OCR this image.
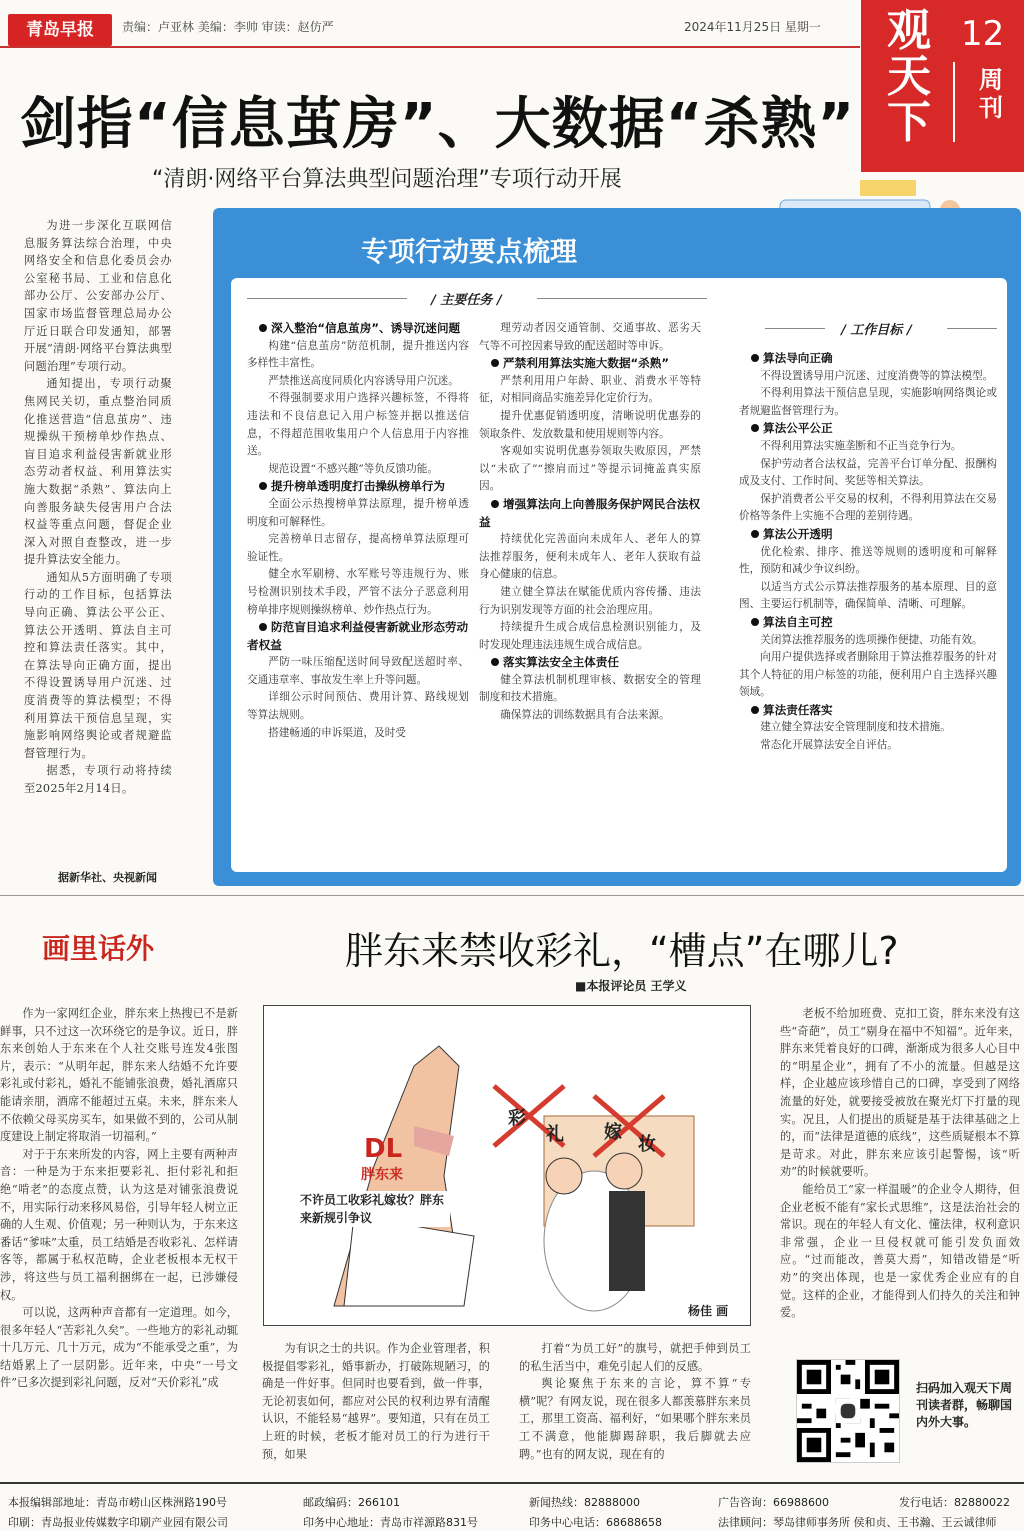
青岛早报	责编：卢亚林 美编：李帅 审读：赵仿严	2024年11月25日 星期一 观天下
12
周刊
剑指“信息茧房”、大数据“杀熟”
“清朗·网络平台算法典型问题治理”专项行动开展

为进一步深化互联网信息服务算法综合治理，中央网络安全和信息化委员会办公室秘书局、工业和信息化部办公厅、公安部办公厅、国家市场监督管理总局办公厅近日联合印发通知，部署开展“清朗·网络平台算法典型问题治理”专项行动。

通知提出，专项行动聚焦网民关切，重点整治同质化推送营造“信息茧房”、违规操纵干预榜单炒作热点、盲目追求利益侵害新就业形态劳动者权益、利用算法实施大数据“杀熟”、算法向上向善服务缺失侵害用户合法权益等重点问题，督促企业深入对照自查整改，进一步提升算法安全能力。

通知从5方面明确了专项行动的工作目标，包括算法导向正确、算法公平公正、算法公开透明、算法自主可控和算法责任落实。其中，在算法导向正确方面，提出不得设置诱导用户沉迷、过度消费等的算法模型；不得利用算法干预信息呈现，实施影响网络舆论或者规避监督管理行为。

据悉，专项行动将持续至2025年2月14日。

据新华社、央视新闻
专项行动要点梳理
/ 主要任务 /
/ 工作目标 /
深入整治“信息茧房”、诱导沉迷问题

构建“信息茧房”防范机制，提升推送内容多样性丰富性。

严禁推送高度同质化内容诱导用户沉迷。

不得强制要求用户选择兴趣标签，不得将违法和不良信息记入用户标签并据以推送信息，不得超范围收集用户个人信息用于内容推送。

规范设置“不感兴趣”等负反馈功能。

提升榜单透明度打击操纵榜单行为

全面公示热搜榜单算法原理，提升榜单透明度和可解释性。

完善榜单日志留存，提高榜单算法原理可验证性。

健全水军刷榜、水军账号等违规行为、账号检测识别技术手段，严管不法分子恶意利用榜单排序规则操纵榜单、炒作热点行为。

防范盲目追求利益侵害新就业形态劳动者权益

严防一味压缩配送时间导致配送超时率、交通违章率、事故发生率上升等问题。

详细公示时间预估、费用计算、路线规划等算法规则。

搭建畅通的申诉渠道，及时受

理劳动者因交通管制、交通事故、恶劣天气等不可控因素导致的配送超时等申诉。

严禁利用算法实施大数据“杀熟”

严禁利用用户年龄、职业、消费水平等特征，对相同商品实施差异化定价行为。

提升优惠促销透明度，清晰说明优惠券的领取条件、发放数量和使用规则等内容。

客观如实说明优惠券领取失败原因，严禁以“未砍了”“擦肩而过”等提示词掩盖真实原因。

增强算法向上向善服务保护网民合法权益

持续优化完善面向未成年人、老年人的算法推荐服务，便利未成年人、老年人获取有益身心健康的信息。

建立健全算法在赋能优质内容传播、违法行为识别发现等方面的社会治理应用。

持续提升生成合成信息检测识别能力，及时发现处理违法违规生成合成信息。

落实算法安全主体责任

健全算法机制机理审核、数据安全的管理制度和技术措施。

确保算法的训练数据具有合法来源。

算法导向正确

不得设置诱导用户沉迷、过度消费等的算法模型。

不得利用算法干预信息呈现，实施影响网络舆论或者规避监督管理行为。

算法公平公正

不得利用算法实施垄断和不正当竞争行为。

保护劳动者合法权益，完善平台订单分配、报酬构成及支付、工作时间、奖惩等相关算法。

保护消费者公平交易的权利，不得利用算法在交易价格等条件上实施不合理的差别待遇。

算法公开透明

优化检索、排序、推送等规则的透明度和可解释性，预防和减少争议纠纷。

以适当方式公示算法推荐服务的基本原理、目的意图、主要运行机制等，确保简单、清晰、可理解。

算法自主可控

关闭算法推荐服务的选项操作便捷、功能有效。

向用户提供选择或者删除用于算法推荐服务的针对其个人特征的用户标签的功能，便利用户自主选择兴趣领域。

算法责任落实

建立健全算法安全管理制度和技术措施。

常态化开展算法安全自评估。

画里话外	胖东来禁收彩礼，“槽点”在哪儿?
■本报评论员 王学义
DL
胖东来
不许员工收彩礼嫁妆？胖东来新规引争议
彩
礼 嫁
妆
杨佳 画

作为一家网红企业，胖东来上热搜已不是新鲜事，只不过这一次环绕它的是争议。近日，胖东来创始人于东来在个人社交账号连发4张图片，表示：“从明年起，胖东来人结婚不允许要彩礼或付彩礼，婚礼不能铺张浪费，婚礼酒席只能请亲朋，酒席不能超过五桌。未来，胖东来人不依赖父母买房买车，如果做不到的，公司从制度建设上制定将取消一切福利。”

对于于东来所发的内容，网上主要有两种声音：一种是为于东来拒要彩礼、拒付彩礼和拒绝“啃老”的态度点赞，认为这是对铺张浪费说不，用实际行动来移风易俗，引导年轻人树立正确的人生观、价值观；另一种则认为，于东来这番话“爹味”太重，员工结婚是否收彩礼、怎样请客等，都属于私权范畴，企业老板根本无权干涉，将这些与员工福利捆绑在一起，已涉嫌侵权。

可以说，这两种声音都有一定道理。如今，很多年轻人“苦彩礼久矣”。一些地方的彩礼动辄十几万元、几十万元，成为“不能承受之重”，为结婚累上了一层阴影。近年来，中央“一号文件”已多次提到彩礼问题，反对“天价彩礼”成

为有识之士的共识。作为企业管理者，积极提倡零彩礼，婚事新办，打破陈规陋习，的确是一件好事。但同时也要看到，做一件事，无论初衷如何，都应对公民的权利边界有清醒认识，不能轻易“越界”。要知道，只有在员工上班的时候，老板才能对员工的行为进行干预，如果

打着“为员工好”的旗号，就把手伸到员工的私生活当中，难免引起人们的反感。

舆论聚焦于东来的言论，算不算“专横”呢？有网友说，现在很多人都羡慕胖东来员工，那里工资高、福利好，“如果哪个胖东来员工不满意，他能脚踢辞职，我后脚就去应聘。”也有的网友说，现在有的

老板不给加班费、克扣工资，胖东来没有这些“奇葩”，员工“剔身在福中不知福”。近年来，胖东来凭着良好的口碑，渐渐成为很多人心目中的“明星企业”，拥有了不小的流量。但越是这样，企业越应该珍惜自己的口碑，享受到了网络流量的好处，就要接受被放在聚光灯下打量的现实。况且，人们提出的质疑是基于法律基础之上的，而“法律是道德的底线”，这些质疑根本不算是苛求。对此，胖东来应该引起警惕，该“听劝”的时候就要听。

能给员工“家一样温暖”的企业令人期待，但企业老板不能有“家长式思维”，这是法治社会的常识。现在的年轻人有文化、懂法律，权利意识非常强，企业一旦侵权就可能引发负面效应。“过而能改，善莫大焉”，知错改错是“听劝”的突出体现，也是一家优秀企业应有的自觉。这样的企业，才能得到人们持久的关注和钟爱。

扫码加入观天下周刊读者群，畅聊国内外大事。
本报编辑部地址：青岛市崂山区株洲路190号	邮政编码：266101	新闻热线：82888000	广告咨询：66988600	发行电话：82880022
印刷：青岛报业传媒数字印刷产业园有限公司	印务中心地址：青岛市祥源路831号	印务中心电话：68688658	法律顾问：琴岛律师事务所 侯和贞、王书瀚、王云诚律师
